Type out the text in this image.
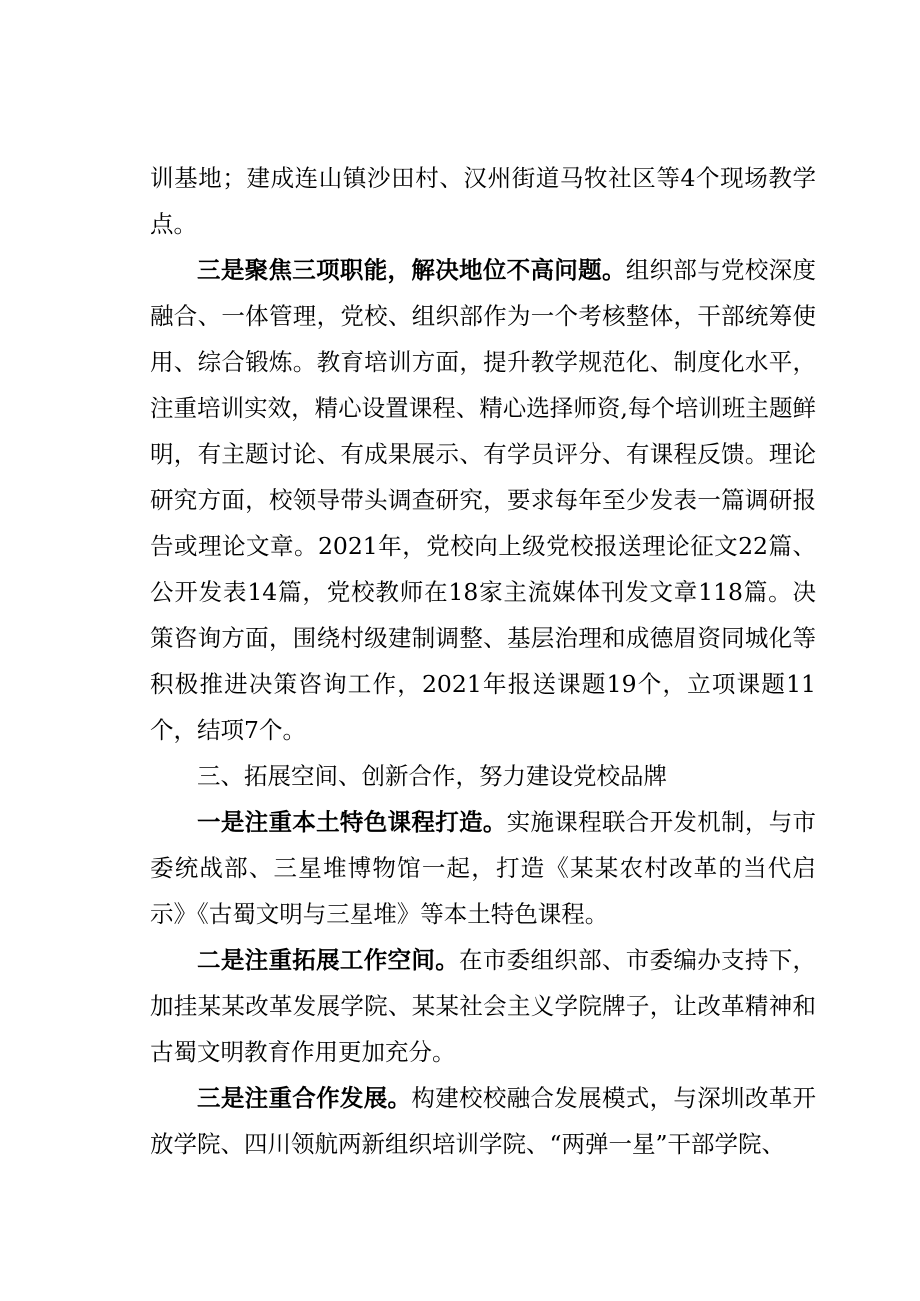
训基地；建成连山镇沙田村、汉州街道马牧社区等4个现场教学点。

三是聚焦三项职能，解决地位不高问题。组织部与党校深度融合、一体管理，党校、组织部作为一个考核整体，干部统筹使用、综合锻炼。教育培训方面，提升教学规范化、制度化水平，注重培训实效，精心设置课程、精心选择师资,每个培训班主题鲜明，有主题讨论、有成果展示、有学员评分、有课程反馈。理论研究方面，校领导带头调查研究，要求每年至少发表一篇调研报告或理论文章。2021年，党校向上级党校报送理论征文22篇、公开发表14篇，党校教师在18家主流媒体刊发文章118篇。决策咨询方面，围绕村级建制调整、基层治理和成德眉资同城化等积极推进决策咨询工作，2021年报送课题19个，立项课题11个，结项7个。

三、拓展空间、创新合作，努力建设党校品牌

一是注重本土特色课程打造。实施课程联合开发机制，与市委统战部、三星堆博物馆一起，打造《某某农村改革的当代启示》《古蜀文明与三星堆》等本土特色课程。

二是注重拓展工作空间。在市委组织部、市委编办支持下，加挂某某改革发展学院、某某社会主义学院牌子，让改革精神和古蜀文明教育作用更加充分。

三是注重合作发展。构建校校融合发展模式，与深圳改革开放学院、四川领航两新组织培训学院、“两弹一星”干部学院、
